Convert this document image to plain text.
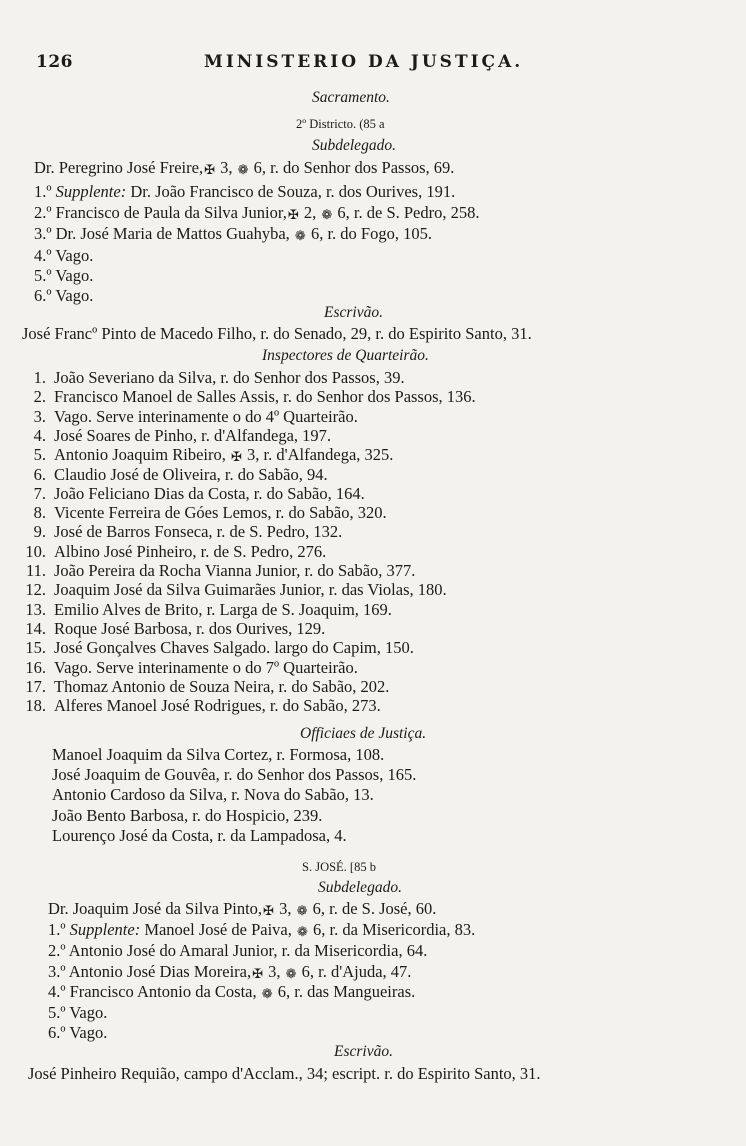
126	MINISTERIO DA JUSTIÇA.
Sacramento.
2º Districto. (85 a
Subdelegado.
Dr. Peregrino José Freire,✠ 3, ❁ 6, r. do Senhor dos Passos, 69.
1.º Supplente: Dr. João Francisco de Souza, r. dos Ourives, 191.
2.º Francisco de Paula da Silva Junior,✠ 2, ❁ 6, r. de S. Pedro, 258.
3.º Dr. José Maria de Mattos Guahyba, ❁ 6, r. do Fogo, 105.
4.º Vago.
5.º Vago.
6.º Vago.
Escrivão.
José Francº Pinto de Macedo Filho, r. do Senado, 29, r. do Espirito Santo, 31.
Inspectores de Quarteirão.
Officiaes de Justiça.
S. JOSÉ. [85 b
Subdelegado.
Dr. Joaquim José da Silva Pinto,✠ 3, ❁ 6, r. de S. José, 60.
1.º Supplente: Manoel José de Paiva, ❁ 6, r. da Misericordia, 83.
2.º Antonio José do Amaral Junior, r. da Misericordia, 64.
3.º Antonio José Dias Moreira,✠ 3, ❁ 6, r. d'Ajuda, 47.
4.º Francisco Antonio da Costa, ❁ 6, r. das Mangueiras.
5.º Vago.
6.º Vago.
Escrivão.
José Pinheiro Requião, campo d'Acclam., 34; escript. r. do Espirito Santo, 31.
1. João Severiano da Silva, r. do Senhor dos Passos, 39.
2. Francisco Manoel de Salles Assis, r. do Senhor dos Passos, 136.
3. Vago. Serve interinamente o do 4º Quarteirão.
4. José Soares de Pinho, r. d'Alfandega, 197.
5. Antonio Joaquim Ribeiro, ✠ 3, r. d'Alfandega, 325.
6. Claudio José de Oliveira, r. do Sabão, 94.
7. João Feliciano Dias da Costa, r. do Sabão, 164.
8. Vicente Ferreira de Góes Lemos, r. do Sabão, 320.
9. José de Barros Fonseca, r. de S. Pedro, 132.
10. Albino José Pinheiro, r. de S. Pedro, 276.
11. João Pereira da Rocha Vianna Junior, r. do Sabão, 377.
12. Joaquim José da Silva Guimarães Junior, r. das Violas, 180.
13. Emilio Alves de Brito, r. Larga de S. Joaquim, 169.
14. Roque José Barbosa, r. dos Ourives, 129.
15. José Gonçalves Chaves Salgado. largo do Capim, 150.
16. Vago. Serve interinamente o do 7º Quarteirão.
17. Thomaz Antonio de Souza Neira, r. do Sabão, 202.
18. Alferes Manoel José Rodrigues, r. do Sabão, 273.
Manoel Joaquim da Silva Cortez, r. Formosa, 108.
José Joaquim de Gouvêa, r. do Senhor dos Passos, 165.
Antonio Cardoso da Silva, r. Nova do Sabão, 13.
João Bento Barbosa, r. do Hospicio, 239.
Lourenço José da Costa, r. da Lampadosa, 4.
